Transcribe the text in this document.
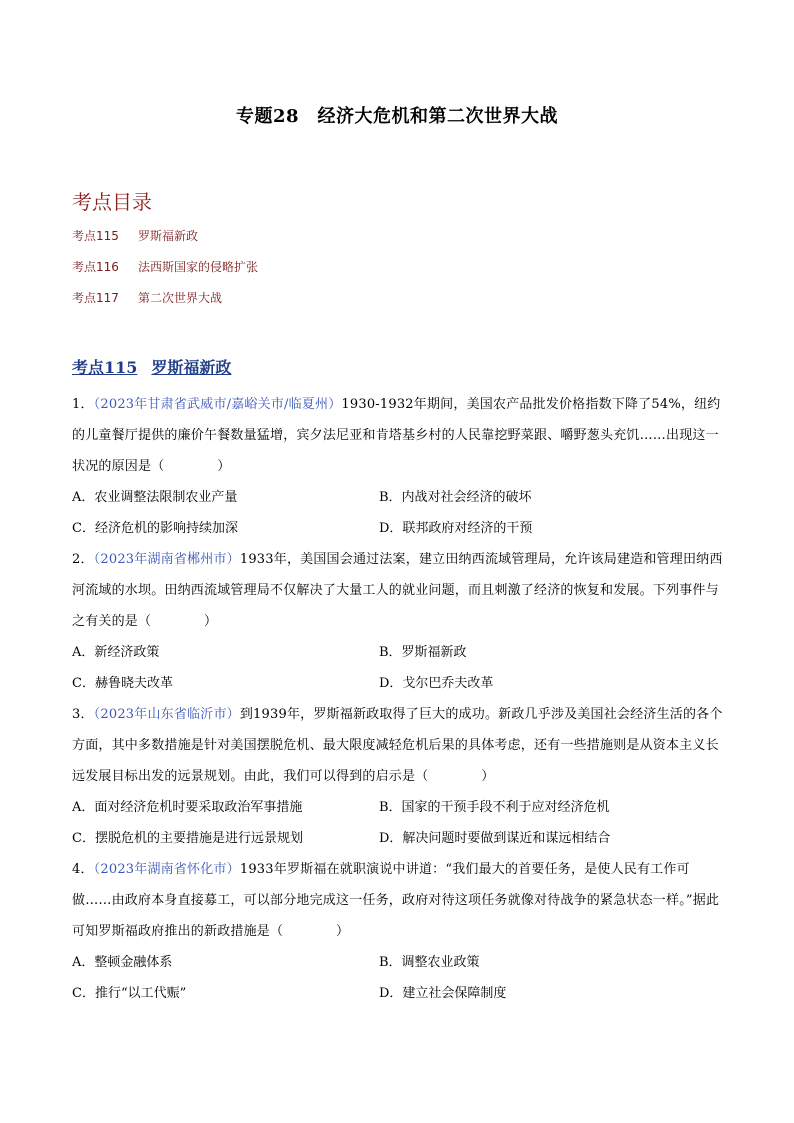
专题28　经济大危机和第二次世界大战
考点目录
考点115 罗斯福新政
考点116 法西斯国家的侵略扩张
考点117 第二次世界大战
考点115 罗斯福新政

1．（2023年甘肃省武威市/嘉峪关市/临夏州）1930-1932年期间，美国农产品批发价格指数下降了54%，纽约的儿童餐厅提供的廉价午餐数量猛增，宾夕法尼亚和肯塔基乡村的人民靠挖野菜跟、嚼野葱头充饥……出现这一状况的原因是（　　　　）

A．农业调整法限制农业产量	B．内战对社会经济的破坏
C．经济危机的影响持续加深	D．联邦政府对经济的干预

2．（2023年湖南省郴州市）1933年，美国国会通过法案，建立田纳西流域管理局，允许该局建造和管理田纳西河流域的水坝。田纳西流域管理局不仅解决了大量工人的就业问题，而且刺激了经济的恢复和发展。下列事件与之有关的是（　　　　）

A．新经济政策	B．罗斯福新政
C．赫鲁晓夫改革	D．戈尔巴乔夫改革

3．（2023年山东省临沂市）到1939年，罗斯福新政取得了巨大的成功。新政几乎涉及美国社会经济生活的各个方面，其中多数措施是针对美国摆脱危机、最大限度减轻危机后果的具体考虑，还有一些措施则是从资本主义长远发展目标出发的远景规划。由此，我们可以得到的启示是（　　　　）

A．面对经济危机时要采取政治军事措施	B．国家的干预手段不利于应对经济危机
C．摆脱危机的主要措施是进行远景规划	D．解决问题时要做到谋近和谋远相结合

4．（2023年湖南省怀化市）1933年罗斯福在就职演说中讲道：“我们最大的首要任务，是使人民有工作可做……由政府本身直接募工，可以部分地完成这一任务，政府对待这项任务就像对待战争的紧急状态一样。”据此可知罗斯福政府推出的新政措施是（　　　　）

A．整顿金融体系	B．调整农业政策
C．推行“以工代赈”	D．建立社会保障制度
